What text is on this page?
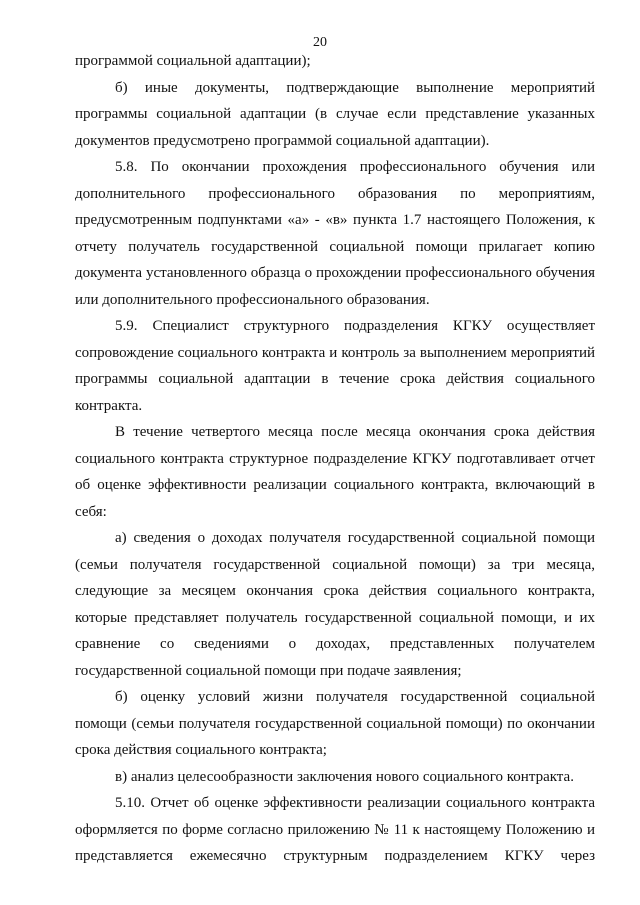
20

программой социальной адаптации);

б) иные документы, подтверждающие выполнение мероприятий программы социальной адаптации (в случае если представление указанных документов предусмотрено программой социальной адаптации).

5.8. По окончании прохождения профессионального обучения или дополнительного профессионального образования по мероприятиям, предусмотренным подпунктами «а» - «в» пункта 1.7 настоящего Положения, к отчету получатель государственной социальной помощи прилагает копию документа установленного образца о прохождении профессионального обучения или дополнительного профессионального образования.

5.9. Специалист структурного подразделения КГКУ осуществляет сопровождение социального контракта и контроль за выполнением мероприятий программы социальной адаптации в течение срока действия социального контракта.

В течение четвертого месяца после месяца окончания срока действия социального контракта структурное подразделение КГКУ подготавливает отчет об оценке эффективности реализации социального контракта, включающий в себя:

а) сведения о доходах получателя государственной социальной помощи (семьи получателя государственной социальной помощи) за три месяца, следующие за месяцем окончания срока действия социального контракта, которые представляет получатель государственной социальной помощи, и их сравнение со сведениями о доходах, представленных получателем государственной социальной помощи при подаче заявления;

б) оценку условий жизни получателя государственной социальной помощи (семьи получателя государственной социальной помощи) по окончании срока действия социального контракта;

в) анализ целесообразности заключения нового социального контракта.

5.10. Отчет об оценке эффективности реализации социального контракта оформляется по форме согласно приложению № 11 к настоящему Положению и представляется ежемесячно структурным подразделением КГКУ через
